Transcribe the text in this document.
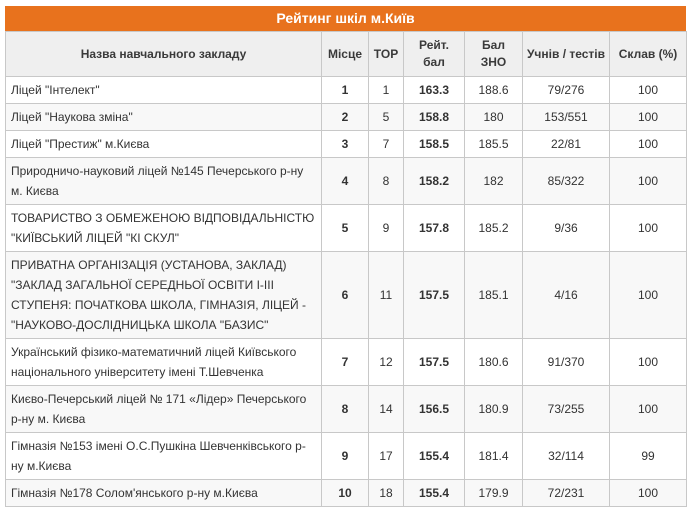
Рейтинг шкіл м.Київ
Назва навчального закладу	Місце	TOP	Рейт. бал	Бал ЗНО	Учнів / тестів	Склав (%)
Ліцей "Інтелект"	1	1	163.3	188.6	79/276	100
Ліцей "Наукова зміна"	2	5	158.8	180	153/551	100
Ліцей "Престиж" м.Києва	3	7	158.5	185.5	22/81	100
Природничо-науковий ліцей №145 Печерського р-ну м. Києва	4	8	158.2	182	85/322	100
ТОВАРИСТВО З ОБМЕЖЕНОЮ ВІДПОВІДАЛЬНІСТЮ "КИЇВСЬКИЙ ЛІЦЕЙ "КІ СКУЛ"	5	9	157.8	185.2	9/36	100
ПРИВАТНА ОРГАНІЗАЦІЯ (УСТАНОВА, ЗАКЛАД) "ЗАКЛАД ЗАГАЛЬНОЇ СЕРЕДНЬОЇ ОСВІТИ І-ІІІ СТУПЕНЯ: ПОЧАТКОВА ШКОЛА, ГІМНАЗІЯ, ЛІЦЕЙ - "НАУКОВО-ДОСЛІДНИЦЬКА ШКОЛА "БАЗИС"	6	11	157.5	185.1	4/16	100
Український фізико-математичний ліцей Київського національного університету імені Т.Шевченка	7	12	157.5	180.6	91/370	100
Києво-Печерський ліцей № 171 «Лідер» Печерського р-ну м. Києва	8	14	156.5	180.9	73/255	100
Гімназія №153 імені О.С.Пушкіна Шевченківського р-ну м.Києва	9	17	155.4	181.4	32/114	99
Гімназія №178 Солом'янського р-ну м.Києва	10	18	155.4	179.9	72/231	100
